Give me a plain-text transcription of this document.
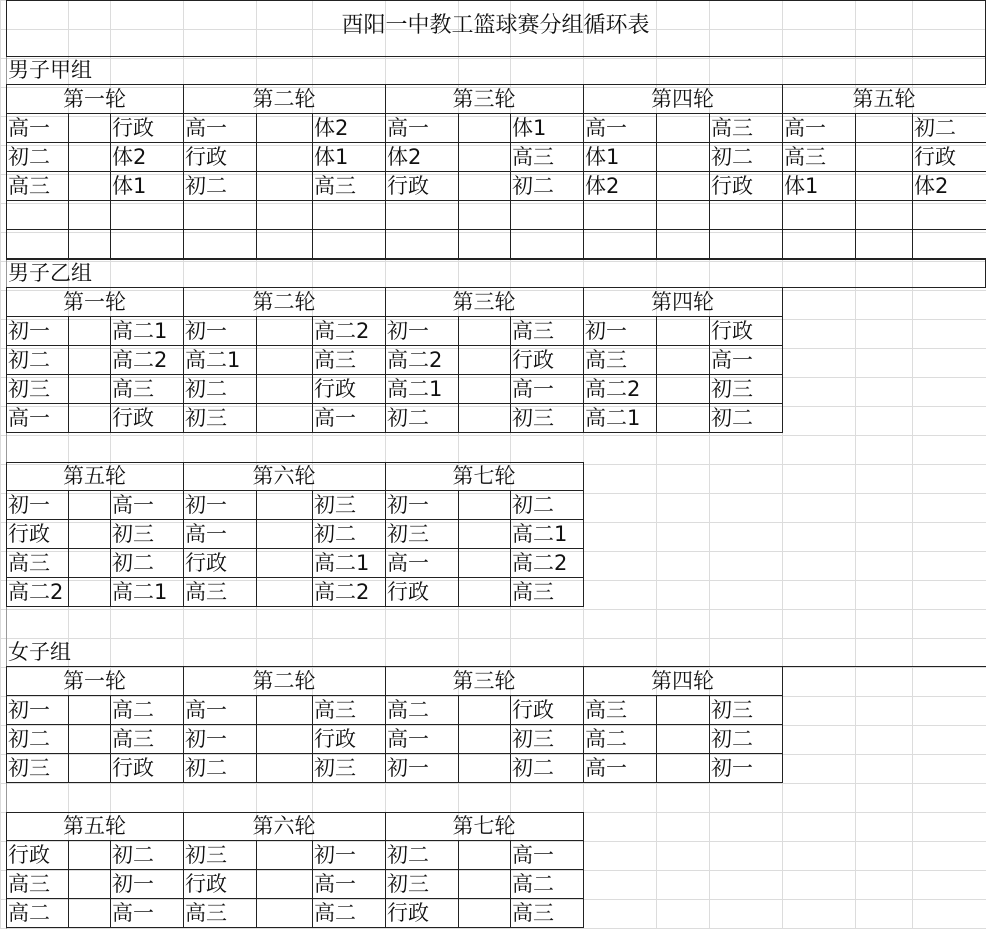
酉阳一中教工篮球赛分组循环表
男子甲组
第一轮
高一	行政
初二	体2
高三	体1
第二轮
高一	体2
行政	体1
初二	高三
第三轮
高一	体1
体2	高三
行政	初二
第四轮
高一	高三
体1	初二
体2	行政
第五轮
高一	初二
高三	行政
体1	体2
男子乙组
第一轮
初一	高二1
初二	高二2
初三	高三
高一	行政
第二轮
初一	高二2
高二1	高三
初二	行政
初三	高一
第三轮
初一	高三
高二2	行政
高二1	高一
初二	初三
第四轮
初一	行政
高三	高一
高二2	初三
高二1	初二
第五轮
初一	高一
行政	初三
高三	初二
高二2 高二1
第六轮
初一	初三
高一	初二
行政	高二1
高三	高二2
第七轮
初一	初二
初三	高二1
高一	高二2
行政	高三
女子组
第一轮
初一	高二
初二	高三
初三	行政
第二轮
高一	高三
初一	行政
初二	初三
第三轮
高二	行政
高一	初三
初一	初二
第四轮
高三	初三
高二	初二
高一	初一
第五轮
行政	初二
高三	初一
高二	高一
第六轮
初三	初一
行政	高一
高三	高二
第七轮
初二	高一
初三	高二
行政	高三
